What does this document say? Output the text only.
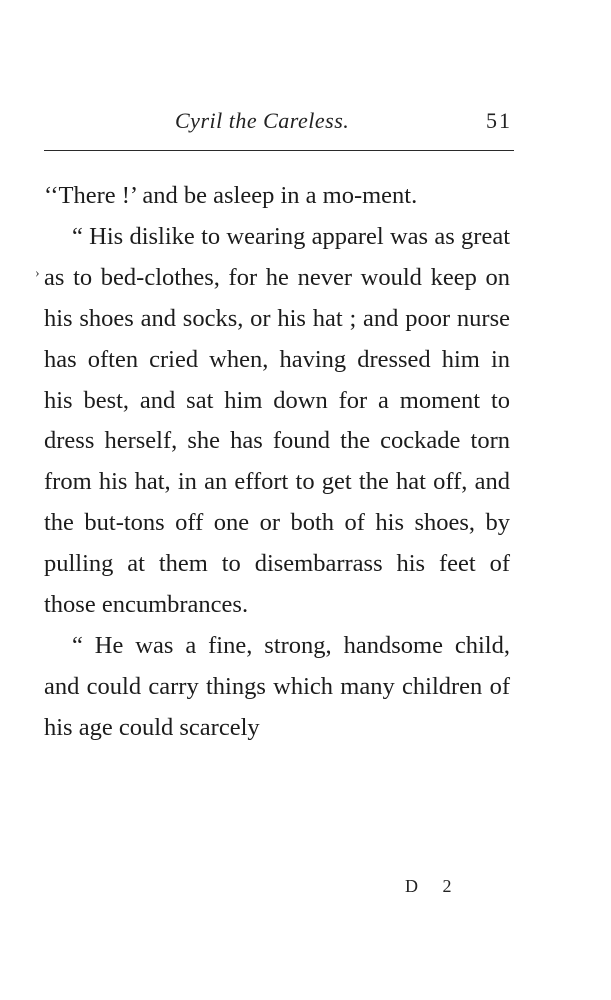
Cyril the Careless.	51
›

‘‘There !’ and be asleep in a mo-ment.

“ His dislike to wearing apparel was as great as to bed-clothes, for he never would keep on his shoes and socks, or his hat ; and poor nurse has often cried when, having dressed him in his best, and sat him down for a moment to dress herself, she has found the cockade torn from his hat, in an effort to get the hat off, and the but-tons off one or both of his shoes, by pulling at them to disembarrass his feet of those encumbrances.

“ He was a fine, strong, handsome child, and could carry things which many children of his age could scarcely

D 2
